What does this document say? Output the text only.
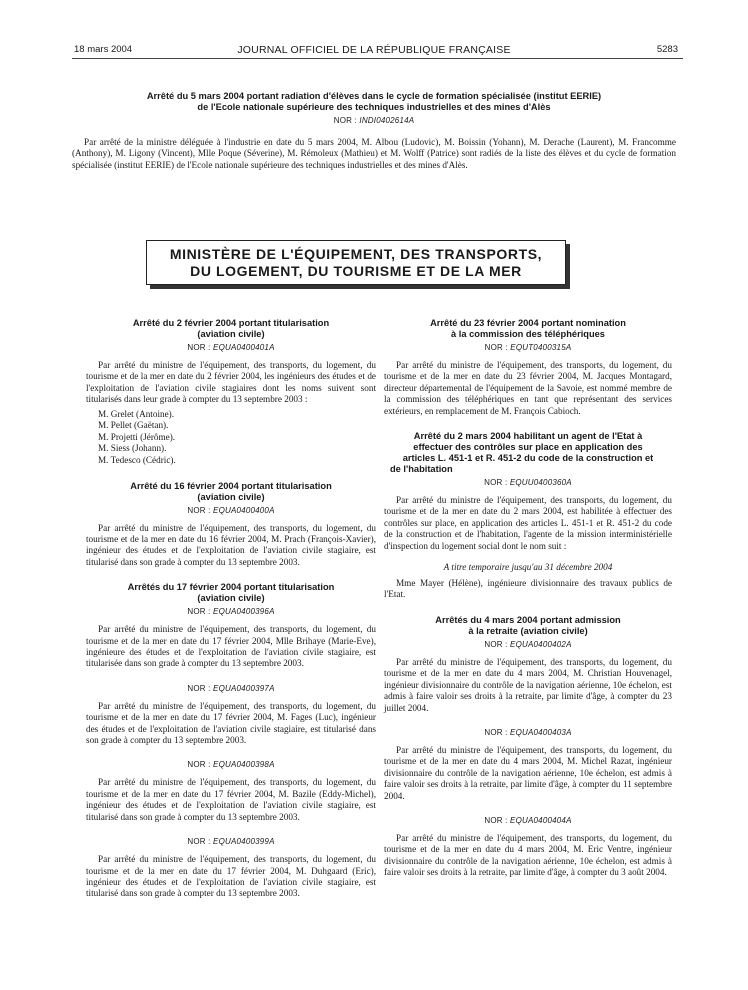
18 mars 2004	JOURNAL OFFICIEL DE LA RÉPUBLIQUE FRANÇAISE	5283
Arrêté du 5 mars 2004 portant radiation d'élèves dans le cycle de formation spécialisée (institut EERIE)
de l'Ecole nationale supérieure des techniques industrielles et des mines d'Alès
NOR : INDI0402614A

Par arrêté de la ministre déléguée à l'industrie en date du 5 mars 2004, M. Albou (Ludovic), M. Boissin (Yohann), M. Derache (Laurent), M. Francomme (Anthony), M. Ligony (Vincent), Mlle Poque (Séverine), M. Rémoleux (Mathieu) et M. Wolff (Patrice) sont radiés de la liste des élèves et du cycle de formation spécialisée (institut EERIE) de l'Ecole nationale supérieure des techniques industrielles et des mines d'Alès.

MINISTÈRE DE L'ÉQUIPEMENT, DES TRANSPORTS,
DU LOGEMENT, DU TOURISME ET DE LA MER
Arrêté du 2 février 2004 portant titularisation
(aviation civile)
NOR : EQUA0400401A

Par arrêté du ministre de l'équipement, des transports, du logement, du tourisme et de la mer en date du 2 février 2004, les ingénieurs des études et de l'exploitation de l'aviation civile stagiaires dont les noms suivent sont titularisés dans leur grade à compter du 13 septembre 2003 :

M. Grelet (Antoine).
M. Pellet (Gaëtan).
M. Projetti (Jérôme).
M. Siess (Johann).
M. Tedesco (Cédric).
Arrêté du 16 février 2004 portant titularisation
(aviation civile)
NOR : EQUA0400400A

Par arrêté du ministre de l'équipement, des transports, du logement, du tourisme et de la mer en date du 16 février 2004, M. Prach (François-Xavier), ingénieur des études et de l'exploitation de l'aviation civile stagiaire, est titularisé dans son grade à compter du 13 septembre 2003.

Arrêtés du 17 février 2004 portant titularisation
(aviation civile)
NOR : EQUA0400396A

Par arrêté du ministre de l'équipement, des transports, du logement, du tourisme et de la mer en date du 17 février 2004, Mlle Brihaye (Marie-Eve), ingénieure des études et de l'exploitation de l'aviation civile stagiaire, est titularisée dans son grade à compter du 13 septembre 2003.

NOR : EQUA0400397A

Par arrêté du ministre de l'équipement, des transports, du logement, du tourisme et de la mer en date du 17 février 2004, M. Fages (Luc), ingénieur des études et de l'exploitation de l'aviation civile stagiaire, est titularisé dans son grade à compter du 13 septembre 2003.

NOR : EQUA0400398A

Par arrêté du ministre de l'équipement, des transports, du logement, du tourisme et de la mer en date du 17 février 2004, M. Bazile (Eddy-Michel), ingénieur des études et de l'exploitation de l'aviation civile stagiaire, est titularisé dans son grade à compter du 13 septembre 2003.

NOR : EQUA0400399A

Par arrêté du ministre de l'équipement, des transports, du logement, du tourisme et de la mer en date du 17 février 2004, M. Duhgaard (Eric), ingénieur des études et de l'exploitation de l'aviation civile stagiaire, est titularisé dans son grade à compter du 13 septembre 2003.

Arrêté du 23 février 2004 portant nomination
à la commission des téléphériques
NOR : EQUT0400315A

Par arrêté du ministre de l'équipement, des transports, du logement, du tourisme et de la mer en date du 23 février 2004, M. Jacques Montagard, directeur départemental de l'équipement de la Savoie, est nommé membre de la commission des téléphériques en tant que représentant des services extérieurs, en remplacement de M. François Cabioch.

Arrêté du 2 mars 2004 habilitant un agent de l'Etat à
effectuer des contrôles sur place en application des
articles L. 451-1 et R. 451-2 du code de la construction et
de l'habitation
NOR : EQUU0400360A

Par arrêté du ministre de l'équipement, des transports, du logement, du tourisme et de la mer en date du 2 mars 2004, est habilitée à effectuer des contrôles sur place, en application des articles L. 451-1 et R. 451-2 du code de la construction et de l'habitation, l'agente de la mission interministérielle d'inspection du logement social dont le nom suit :

A titre temporaire jusqu'au 31 décembre 2004

Mme Mayer (Hélène), ingénieure divisionnaire des travaux publics de l'Etat.

Arrêtés du 4 mars 2004 portant admission
à la retraite (aviation civile)
NOR : EQUA0400402A

Par arrêté du ministre de l'équipement, des transports, du logement, du tourisme et de la mer en date du 4 mars 2004, M. Christian Houvenagel, ingénieur divisionnaire du contrôle de la navigation aérienne, 10e échelon, est admis à faire valoir ses droits à la retraite, par limite d'âge, à compter du 23 juillet 2004.

NOR : EQUA0400403A

Par arrêté du ministre de l'équipement, des transports, du logement, du tourisme et de la mer en date du 4 mars 2004, M. Michel Razat, ingénieur divisionnaire du contrôle de la navigation aérienne, 10e échelon, est admis à faire valoir ses droits à la retraite, par limite d'âge, à compter du 11 septembre 2004.

NOR : EQUA0400404A

Par arrêté du ministre de l'équipement, des transports, du logement, du tourisme et de la mer en date du 4 mars 2004, M. Eric Ventre, ingénieur divisionnaire du contrôle de la navigation aérienne, 10e échelon, est admis à faire valoir ses droits à la retraite, par limite d'âge, à compter du 3 août 2004.
